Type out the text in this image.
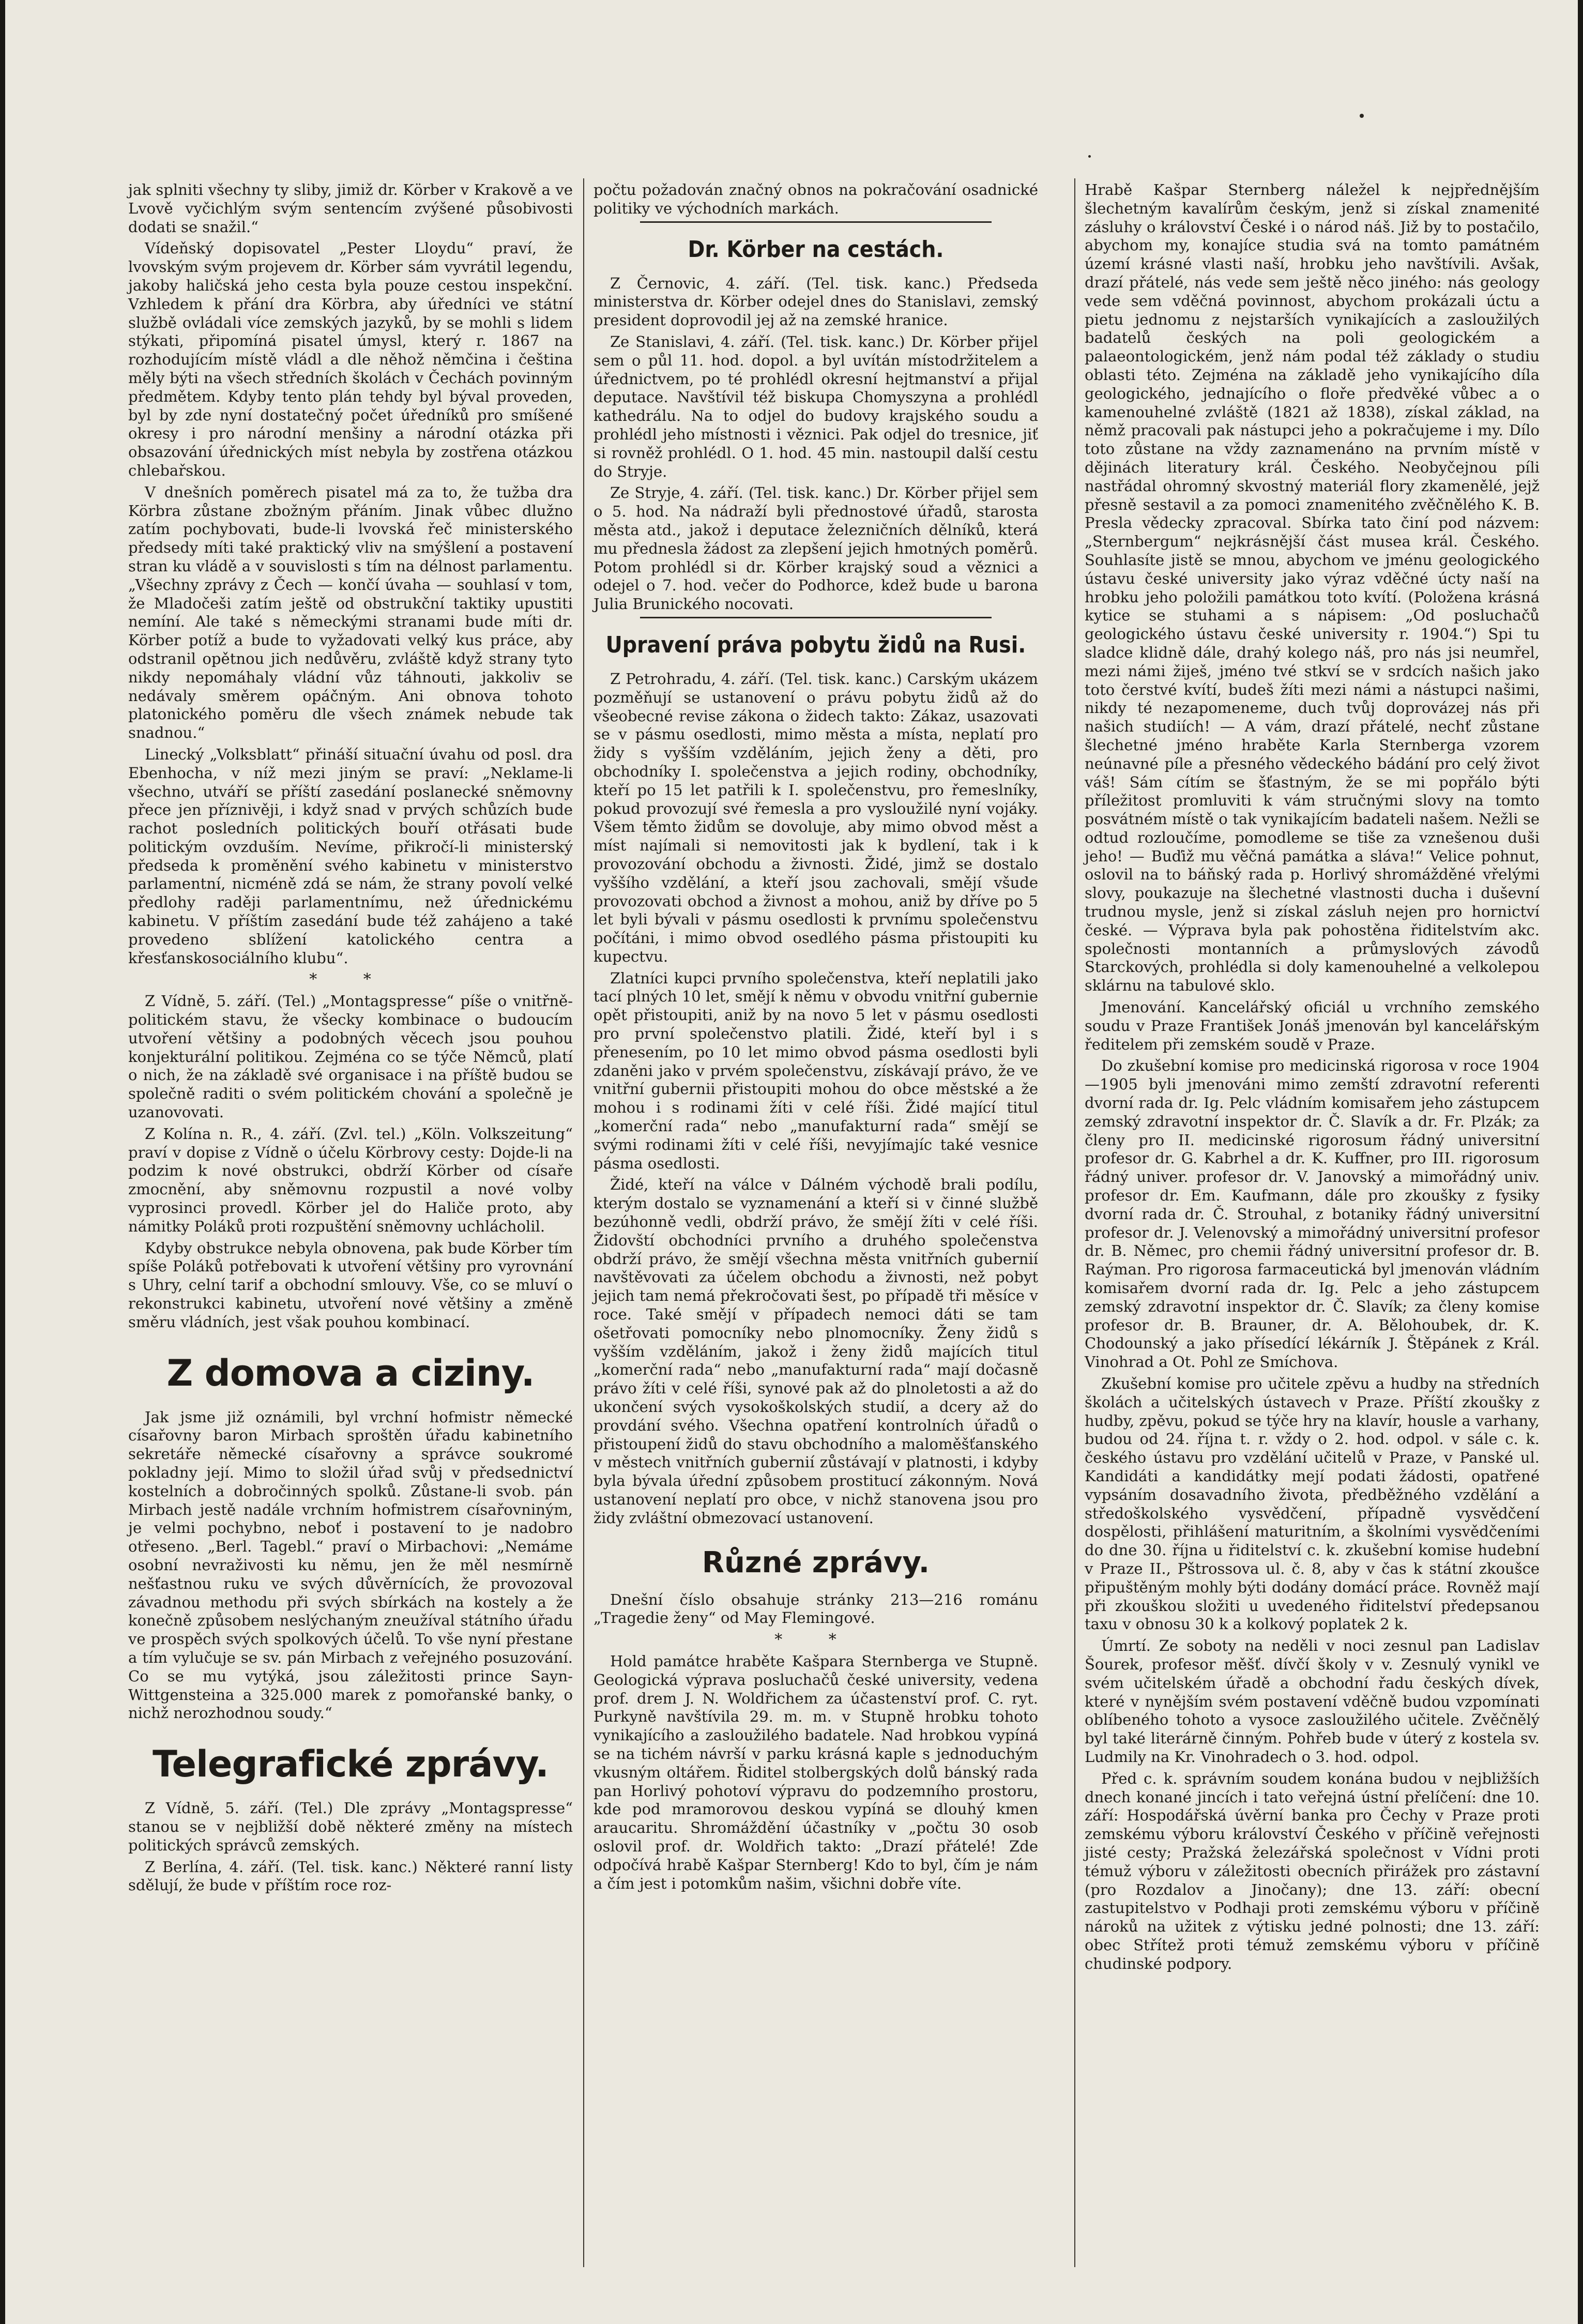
jak splniti všechny ty sliby, jimiž dr. Körber v Krakově a ve Lvově vyčichlým svým sentencím zvýšené působivosti dodati se snažil.“

Vídeňský dopisovatel „Pester Lloydu“ praví, že lvovským svým projevem dr. Körber sám vyvrátil legendu, jakoby haličská jeho cesta byla pouze cestou inspekční. Vzhledem k přání dra Körbra, aby úředníci ve státní službě ovládali více zemských jazyků, by se mohli s lidem stýkati, připomíná pisatel úmysl, který r. 1867 na rozhodujícím místě vládl a dle něhož němčina i čeština měly býti na všech středních školách v Čechách povinným předmětem. Kdyby tento plán tehdy byl býval proveden, byl by zde nyní dostatečný počet úředníků pro smíšené okresy i pro národní menšiny a národní otázka při obsazování úřednických míst nebyla by zostřena otázkou chlebařskou.

V dnešních poměrech pisatel má za to, že tužba dra Körbra zůstane zbožným přáním. Jinak vůbec dlužno zatím pochybovati, bude-li lvovská řeč ministerského předsedy míti také praktický vliv na smýšlení a postavení stran ku vládě a v souvislosti s tím na délnost parlamentu. „Všechny zprávy z Čech — končí úvaha — souhlasí v tom, že Mladočeši zatím ještě od obstrukční taktiky upustiti nemíní. Ale také s německými stranami bude míti dr. Körber potíž a bude to vyžadovati velký kus práce, aby odstranil opětnou jich nedůvěru, zvláště když strany tyto nikdy nepomáhaly vládní vůz táhnouti, jakkoliv se nedávaly směrem opáčným. Ani obnova tohoto platonického poměru dle všech známek nebude tak snadnou.“

Linecký „Volksblatt“ přináší situační úvahu od posl. dra Ebenhocha, v níž mezi jiným se praví: „Neklame-li všechno, utváří se příští zasedání poslanecké sněmovny přece jen příznivěji, i když snad v prvých schůzích bude rachot posledních politických bouří otřásati bude politickým ovzduším. Nevíme, přikročí-li ministerský předseda k proměnění svého kabinetu v ministerstvo parlamentní, nicméně zdá se nám, že strany povolí velké předlohy raději parlamentnímu, než úřednickému kabinetu. V příštím zasedání bude též zahájeno a také provedeno sblížení katolického centra a křesťanskosociálního klubu“.

* *

Z Vídně, 5. září. (Tel.) „Montagspresse“ píše o vnitřně-politickém stavu, že všecky kombinace o budoucím utvoření většiny a podobných věcech jsou pouhou konjekturální politikou. Zejména co se týče Němců, platí o nich, že na základě své organisace i na příště budou se společně raditi o svém politickém chování a společně je uzanovovati.

Z Kolína n. R., 4. září. (Zvl. tel.) „Köln. Volkszeitung“ praví v dopise z Vídně o účelu Körbrovy cesty: Dojde-li na podzim k nové obstrukci, obdrží Körber od císaře zmocnění, aby sněmovnu rozpustil a nové volby vyprosinci provedl. Körber jel do Haliče proto, aby námitky Poláků proti rozpuštění sněmovny uchlácholil.

Kdyby obstrukce nebyla obnovena, pak bude Körber tím spíše Poláků potřebovati k utvoření většiny pro vyrovnání s Uhry, celní tarif a obchodní smlouvy. Vše, co se mluví o rekonstrukci kabinetu, utvoření nové většiny a změně směru vládních, jest však pouhou kombinací.

Z domova a ciziny.

Jak jsme již oznámili, byl vrchní hofmistr německé císařovny baron Mirbach sproštěn úřadu kabinetního sekretáře německé císařovny a správce soukromé pokladny její. Mimo to složil úřad svůj v předsednictví kostelních a dobročinných spolků. Zůstane-li svob. pán Mirbach jestě nadále vrchním hofmistrem císařovniným, je velmi pochybno, neboť i postavení to je nadobro otřeseno. „Berl. Tagebl.“ praví o Mirbachovi: „Nemáme osobní nevraživosti ku němu, jen že měl nesmírně nešťastnou ruku ve svých důvěrnících, že provozoval závadnou methodu při svých sbírkách na kostely a že konečně způsobem neslýchaným zneužíval státního úřadu ve prospěch svých spolkových účelů. To vše nyní přestane a tím vylučuje se sv. pán Mirbach z veřejného posuzování. Co se mu vytýká, jsou záležitosti prince Sayn-Wittgensteina a 325.000 marek z pomořanské banky, o nichž nerozhodnou soudy.“

Telegrafické zprávy.

Z Vídně, 5. září. (Tel.) Dle zprávy „Montagspresse“ stanou se v nejbližší době některé změny na místech politických správců zemských.

Z Berlína, 4. září. (Tel. tisk. kanc.) Některé ranní listy sdělují, že bude v příštím roce roz-

počtu požadován značný obnos na pokračování osadnické politiky ve východních markách.

Dr. Körber na cestách.

Z Černovic, 4. září. (Tel. tisk. kanc.) Předseda ministerstva dr. Körber odejel dnes do Stanislavi, zemský president doprovodil jej až na zemské hranice.

Ze Stanislavi, 4. září. (Tel. tisk. kanc.) Dr. Körber přijel sem o půl 11. hod. dopol. a byl uvítán místodržitelem a úřednictvem, po té prohlédl okresní hejtmanství a přijal deputace. Navštívil též biskupa Chomyszyna a prohlédl kathedrálu. Na to odjel do budovy krajského soudu a prohlédl jeho místnosti i věznici. Pak odjel do tresnice, jiť si rovněž prohlédl. O 1. hod. 45 min. nastoupil další cestu do Stryje.

Ze Stryje, 4. září. (Tel. tisk. kanc.) Dr. Körber přijel sem o 5. hod. Na nádraží byli přednostové úřadů, starosta města atd., jakož i deputace železničních dělníků, která mu přednesla žádost za zlepšení jejich hmotných poměrů. Potom prohlédl si dr. Körber krajský soud a věznici a odejel o 7. hod. večer do Podhorce, kdež bude u barona Julia Brunického nocovati.

Upravení práva pobytu židů na Rusi.

Z Petrohradu, 4. září. (Tel. tisk. kanc.) Carským ukázem pozměňují se ustanovení o právu pobytu židů až do všeobecné revise zákona o židech takto: Zákaz, usazovati se v pásmu osedlosti, mimo města a místa, neplatí pro židy s vyšším vzděláním, jejich ženy a děti, pro obchodníky I. společenstva a jejich rodiny, obchodníky, kteří po 15 let patřili k I. společenstvu, pro řemeslníky, pokud provozují své řemesla a pro vysloužilé nyní vojáky. Všem těmto židům se dovoluje, aby mimo obvod měst a míst najímali si nemovitosti jak k bydlení, tak i k provozování obchodu a živnosti. Židé, jimž se dostalo vyššího vzdělání, a kteří jsou zachovali, smějí všude provozovati obchod a živnost a mohou, aniž by dříve po 5 let byli bývali v pásmu osedlosti k prvnímu společenstvu počítáni, i mimo obvod osedlého pásma přistoupiti ku kupectvu.

Zlatníci kupci prvního společenstva, kteří neplatili jako tací plných 10 let, smějí k němu v obvodu vnitřní gubernie opět přistoupiti, aniž by na novo 5 let v pásmu osedlosti pro první společenstvo platili. Židé, kteří byl i s přenesením, po 10 let mimo obvod pásma osedlosti byli zdaněni jako v prvém společenstvu, získávají právo, že ve vnitřní gubernii přistoupiti mohou do obce městské a že mohou i s rodinami žíti v celé říši. Židé mající titul „komerční rada“ nebo „manufakturní rada“ smějí se svými rodinami žíti v celé říši, nevyjímajíc také vesnice pásma osedlosti.

Židé, kteří na válce v Dálném východě brali podílu, kterým dostalo se vyznamenání a kteří si v činné službě bezúhonně vedli, obdrží právo, že smějí žíti v celé říši. Židovští obchodníci prvního a druhého společenstva obdrží právo, že smějí všechna města vnitřních gubernií navštěvovati za účelem obchodu a živnosti, než pobyt jejich tam nemá překročovati šest, po případě tři měsíce v roce. Také smějí v případech nemoci dáti se tam ošetřovati pomocníky nebo plnomocníky. Ženy židů s vyšším vzděláním, jakož i ženy židů majících titul „komerční rada“ nebo „manufakturní rada“ mají dočasně právo žíti v celé říši, synové pak až do plnoletosti a až do ukončení svých vysokoškolských studií, a dcery až do provdání svého. Všechna opatření kontrolních úřadů o přistoupení židů do stavu obchodního a maloměšťanského v městech vnitřních gubernií zůstávají v platnosti, i kdyby byla bývala úřední způsobem prostitucí zákonným. Nová ustanovení neplatí pro obce, v nichž stanovena jsou pro židy zvláštní obmezovací ustanovení.

Různé zprávy.

Dnešní číslo obsahuje stránky 213—216 románu „Tragedie ženy“ od May Flemingové.

* *

Hold památce hraběte Kašpara Sternberga ve Stupně. Geologická výprava posluchačů české university, vedena prof. drem J. N. Woldřichem za účastenství prof. C. ryt. Purkyně navštívila 29. m. m. v Stupně hrobku tohoto vynikajícího a zasloužilého badatele. Nad hrobkou vypíná se na tichém návrší v parku krásná kaple s jednoduchým vkusným oltářem. Řiditel stolbergských dolů bánský rada pan Horlivý pohotoví výpravu do podzemního prostoru, kde pod mramorovou deskou vypíná se dlouhý kmen araucaritu. Shromáždění účastníky v „počtu 30 osob oslovil prof. dr. Woldřich takto: „Drazí přátelé! Zde odpočívá hrabě Kašpar Sternberg! Kdo to byl, čím je nám a čím jest i potomkům našim, všichni dobře víte.

Hrabě Kašpar Sternberg náležel k nejpřednějším šlechetným kavalírům českým, jenž si získal znamenité zásluhy o království České i o národ náš. Již by to postačilo, abychom my, konajíce studia svá na tomto památném území krásné vlasti naší, hrobku jeho navštívili. Avšak, drazí přátelé, nás vede sem ještě něco jiného: nás geology vede sem vděčná povinnost, abychom prokázali úctu a pietu jednomu z nejstarších vynikajících a zasloužilých badatelů českých na poli geologickém a palaeontologickém, jenž nám podal též základy o studiu oblasti této. Zejména na základě jeho vynikajícího díla geologického, jednajícího o floře předvěké vůbec a o kamenouhelné zvláště (1821 až 1838), získal základ, na němž pracovali pak nástupci jeho a pokračujeme i my. Dílo toto zůstane na vždy zaznamenáno na prvním místě v dějinách literatury král. Českého. Neobyčejnou píli nastřádal ohromný skvostný materiál flory zkamenělé, jejž přesně sestavil a za pomoci znamenitého zvěčnělého K. B. Presla vědecky zpracoval. Sbírka tato činí pod názvem: „Sternbergum“ nejkrásnější část musea král. Českého. Souhlasíte jistě se mnou, abychom ve jménu geologického ústavu české university jako výraz vděčné úcty naší na hrobku jeho položili památkou toto kvítí. (Položena krásná kytice se stuhami a s nápisem: „Od posluchačů geologického ústavu české university r. 1904.“) Spi tu sladce klidně dále, drahý kolego náš, pro nás jsi neumřel, mezi námi žiješ, jméno tvé stkví se v srdcích našich jako toto čerstvé kvítí, budeš žíti mezi námi a nástupci našimi, nikdy té nezapomeneme, duch tvůj doprovázej nás při našich studiích! — A vám, drazí přátelé, nechť zůstane šlechetné jméno hraběte Karla Sternberga vzorem neúnavné píle a přesného vědeckého bádání pro celý život váš! Sám cítím se šťastným, že se mi popřálo býti příležitost promluviti k vám stručnými slovy na tomto posvátném místě o tak vynikajícím badateli našem. Nežli se odtud rozloučíme, pomodleme se tiše za vznešenou duši jeho! — Buďiž mu věčná památka a sláva!“ Velice pohnut, oslovil na to báňský rada p. Horlivý shromážděné vřelými slovy, poukazuje na šlechetné vlastnosti ducha i duševní trudnou mysle, jenž si získal zásluh nejen pro hornictví české. — Výprava byla pak pohostěna řiditelstvím akc. společnosti montanních a průmyslových závodů Starckových, prohlédla si doly kamenouhelné a velkolepou sklárnu na tabulové sklo.

Jmenování. Kancelářský oficiál u vrchního zemského soudu v Praze František Jonáš jmenován byl kancelářským ředitelem při zemském soudě v Praze.

Do zkušební komise pro medicinská rigorosa v roce 1904—1905 byli jmenováni mimo zemští zdravotní referenti dvorní rada dr. Ig. Pelc vládním komisařem jeho zástupcem zemský zdravotní inspektor dr. Č. Slavík a dr. Fr. Plzák; za členy pro II. medicinské rigorosum řádný universitní profesor dr. G. Kabrhel a dr. K. Kuffner, pro III. rigorosum řádný univer. profesor dr. V. Janovský a mimořádný univ. profesor dr. Em. Kaufmann, dále pro zkoušky z fysiky dvorní rada dr. Č. Strouhal, z botaniky řádný universitní profesor dr. J. Velenovský a mimořádný universitní profesor dr. B. Němec, pro chemii řádný universitní profesor dr. B. Raýman. Pro rigorosa farmaceutická byl jmenován vládním komisařem dvorní rada dr. Ig. Pelc a jeho zástupcem zemský zdravotní inspektor dr. Č. Slavík; za členy komise profesor dr. B. Brauner, dr. A. Bělohoubek, dr. K. Chodounský a jako přísedící lékárník J. Štěpánek z Král. Vinohrad a Ot. Pohl ze Smíchova.

Zkušební komise pro učitele zpěvu a hudby na středních školách a učitelských ústavech v Praze. Příští zkoušky z hudby, zpěvu, pokud se týče hry na klavír, housle a varhany, budou od 24. října t. r. vždy o 2. hod. odpol. v sále c. k. českého ústavu pro vzdělání učitelů v Praze, v Panské ul. Kandidáti a kandidátky mejí podati žádosti, opatřené vypsáním dosavadního života, předběžného vzdělání a středoškolského vysvědčení, případně vysvědčení dospělosti, přihlášení maturitním, a školními vysvědčeními do dne 30. října u řiditelství c. k. zkušební komise hudební v Praze II., Pštrossova ul. č. 8, aby v čas k státní zkoušce připuštěným mohly býti dodány domácí práce. Rovněž mají při zkouškou složiti u uvedeného řiditelství předepsanou taxu v obnosu 30 k a kolkový poplatek 2 k.

Úmrtí. Ze soboty na neděli v noci zesnul pan Ladislav Šourek, profesor měšť. dívčí školy v v. Zesnulý vynikl ve svém učitelském úřadě a obchodní řadu českých dívek, které v nynějším svém postavení vděčně budou vzpomínati oblíbeného tohoto a vysoce zasloužilého učitele. Zvěčnělý byl také literárně činným. Pohřeb bude v úterý z kostela sv. Ludmily na Kr. Vinohradech o 3. hod. odpol.

Před c. k. správním soudem konána budou v nejbližších dnech konané jincích i tato veřejná ústní přelíčení: dne 10. září: Hospodářská úvěrní banka pro Čechy v Praze proti zemskému výboru království Českého v příčině veřejnosti jisté cesty; Pražská železářská společnost v Vídni proti témuž výboru v záležitosti obecních přirážek pro zástavní (pro Rozdalov a Jinočany); dne 13. září: obecní zastupitelstvo v Podhaji proti zemskému výboru v příčině nároků na užitek z výtisku jedné polnosti; dne 13. září: obec Střítež proti témuž zemskému výboru v příčině chudinské podpory.
